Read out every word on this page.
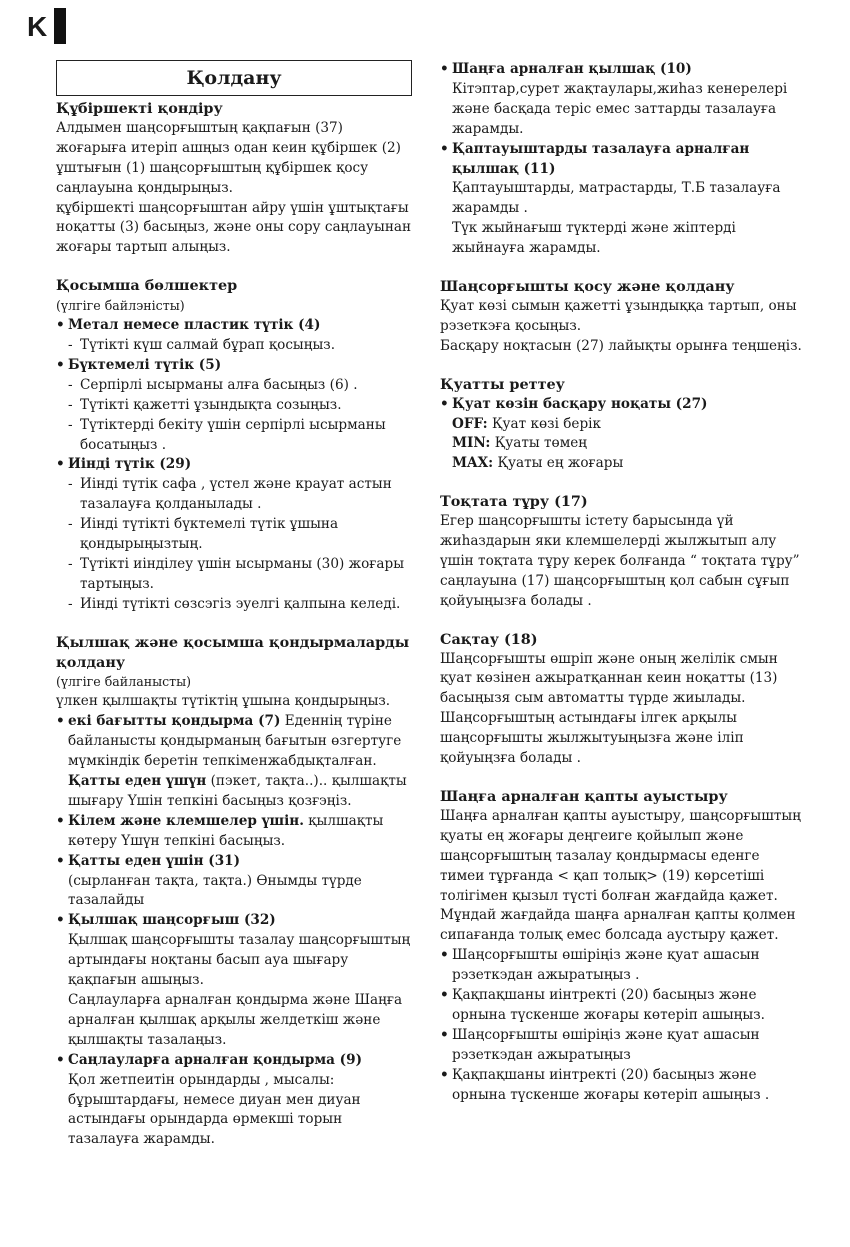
K
Қолдану
Құбіршекті қондіру
Алдымен шаңсорғыштың қақпағын (37) жоғарыға итеріп ашңыз одан кеин құбіршек (2) ұштығын (1) шаңсорғыштың құбіршек қосу саңлауына қондырыңыз.
құбіршекті шаңсорғыштан айру үшін ұштықтағы ноқатты (3) басыңыз, және оны сору саңлауынан жоғары тартып алыңыз.
Қосымша бөлшектер
(үлгіге байлэністы)
• Метал немесе пластик түтік (4)
- Түтікті күш салмай бұрап қосыңыз.
• Бүктемелі түтік (5)
- Серпірлі ысырманы алға басыңыз (6) .
- Түтікті қажетті ұзындықта созыңыз.
- Түтіктерді бекіту үшін серпірлі ысырманы босатыңыз .
• Иінді түтік (29)
- Иінді түтік сафа , үстел және крауат астын тазалауға қолданылады .
- Иінді түтікті бүктемелі түтік ұшына қондырыңызтың.
- Түтікті иінділеу үшін ысырманы (30) жоғары тартыңыз.
- Иінді түтікті сөзсэгіз эуелгі қалпына келеді.
Қылшақ және қосымша қондырмаларды қолдану
(үлгіге байланысты)
үлкен қылшақты түтіктің ұшына қондырыңыз.
• екі бағытты қондырма (7) Еденнің түріне байланысты қондырманың бағытын өзгертуге мүмкіндік беретін тепкіменжабдықталған.
Қатты еден үшүн (пэкет, тақта..).. қылшақты шығару Үшін тепкіні басыңыз қозғэңіз.
• Кілем және клемшелер үшін. қылшақты көтеру Үшүн тепкіні басыңыз.
• Қатты еден үшін (31)
(сырланған тақта, тақта.) Өнымды түрде тазалайды
• Қылшақ шаңсорғыш (32)
Қылшақ шаңсорғышты тазалау шаңсорғыштың артындағы ноқтаны басып ауа шығару қақпағын ашыңыз.
Саңлауларға арналған қондырма және Шаңға арналған қылшақ арқылы желдеткіш және қылшақты тазалаңыз.
• Саңлауларға арналған қондырма (9)
Қол жетпеитін орындарды , мысалы: бұрыштардағы, немесе диуан мен диуан астындағы орындарда өрмекші торын тазалауға жарамды.
• Шаңға арналған қылшақ (10)
Кітэптар,сурет жақтаулары,жиһаз кенерелері және басқада теріс емес заттарды тазалауға жарамды.
• Қаптауыштарды тазалауға арналған қылшақ (11)
Қаптауыштарды, матрастарды, Т.Б тазалауға жарамды .
Түк жыйнағыш түктерді және жіптерді жыйнауға жарамды.
Шаңсорғышты қосу және қолдану
Қуат көзі сымын қажетті ұзындыққа тартып, оны рэзеткэға қосыңыз.
Басқару ноқтасын (27) лайықты орынға теңшеңіз.
Қуатты реттеу
• Қуат көзін басқару ноқаты (27)
OFF: Қуат көзі берік
MIN: Қуаты төмең
MAX: Қуаты ең жоғары
Тоқтата тұру (17)
Егер шаңсорғышты істету барысында үй жиһаздарын яки клемшелерді жылжытып алу үшін тоқтата тұру керек болғанда “ тоқтата тұру” саңлауына (17) шаңсорғыштың қол сабын сұғып қойуыңызға болады .
Сақтау (18)
Шаңсорғышты өшріп және оның желілік смын қуат көзінен ажыратқаннан кеин ноқатты (13) басыңызя сым автоматты түрде жиылады.
Шаңсорғыштың астындағы ілгек арқылы шаңсорғышты жылжытуыңызға және іліп қойуыңзға болады .
Шаңға арналған қапты ауыстыру
Шаңға арналған қапты ауыстыру, шаңсорғыштың қуаты ең жоғары деңгеиге қойылып және шаңсорғыштың тазалау қондырмасы еденге тимеи тұрғанда < қап толық> (19) көрсетіші толігімен қызыл түсті болған жағдайда қажет.
Мұндай жағдайда шаңға арналған қапты қолмен сипағанда толық емес болсада аустыру қажет.
• Шаңсорғышты өшіріңіз және қуат ашасын рэзеткэдан ажыратыңыз .
• Қақпақшаны иінтректі (20) басыңыз және орнына түскенше жоғары көтеріп ашыңыз.
• Шаңсорғышты өшіріңіз және қуат ашасын рэзеткэдан ажыратыңыз
• Қақпақшаны иінтректі (20) басыңыз және орнына түскенше жоғары көтеріп ашыңыз .
